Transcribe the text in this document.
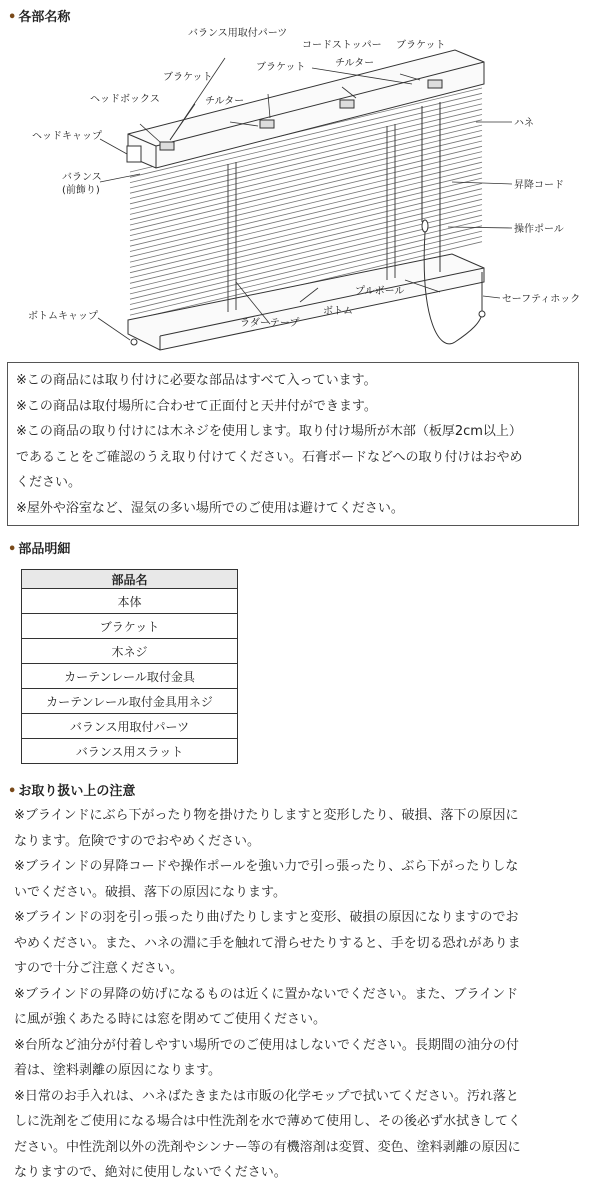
• 各部名称
バランス用取付パーツ
コードストッパー ブラケット
チルター
ブラケット
ブラケット
ヘッドボックス	チルター
ヘッドキャップ
バランス
(前飾り)
ハネ
昇降コード
操作ポール
プルボール
セーフティホック
ボトムキャップ
ラダーテープ
ボトム

※この商品には取り付けに必要な部品はすべて入っています。

※この商品は取付場所に合わせて正面付と天井付ができます。

※この商品の取り付けには木ネジを使用します。取り付け場所が木部（板厚2cm以上）

であることをご確認のうえ取り付けてください。石膏ボードなどへの取り付けはおやめ

ください。

※屋外や浴室など、湿気の多い場所でのご使用は避けてください。

• 部品明細
部品名
本体
ブラケット
木ネジ
カーテンレール取付金具
カーテンレール取付金具用ネジ
バランス用取付パーツ
バランス用スラット
• お取り扱い上の注意

※ブラインドにぶら下がったり物を掛けたりしますと変形したり、破損、落下の原因に

なります。危険ですのでおやめください。

※ブラインドの昇降コードや操作ポールを強い力で引っ張ったり、ぶら下がったりしな

いでください。破損、落下の原因になります。

※ブラインドの羽を引っ張ったり曲げたりしますと変形、破損の原因になりますのでお

やめください。また、ハネの淵に手を触れて滑らせたりすると、手を切る恐れがありま

すので十分ご注意ください。

※ブラインドの昇降の妨げになるものは近くに置かないでください。また、ブラインド

に風が強くあたる時には窓を閉めてご使用ください。

※台所など油分が付着しやすい場所でのご使用はしないでください。長期間の油分の付

着は、塗料剥離の原因になります。

※日常のお手入れは、ハネばたきまたは市販の化学モップで拭いてください。汚れ落と

しに洗剤をご使用になる場合は中性洗剤を水で薄めて使用し、その後必ず水拭きしてく

ださい。中性洗剤以外の洗剤やシンナー等の有機溶剤は変質、変色、塗料剥離の原因に

なりますので、絶対に使用しないでください。
